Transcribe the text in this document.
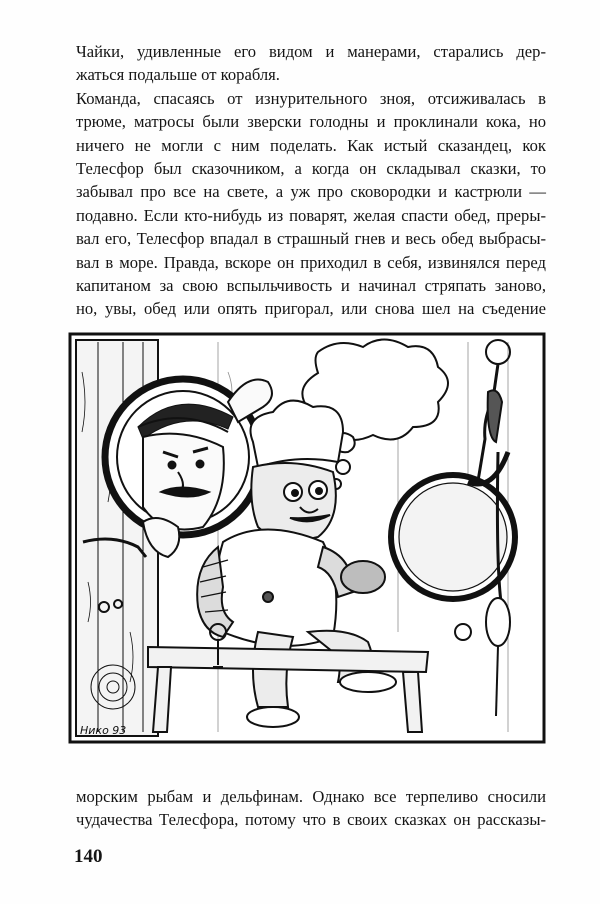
Чайки, удивленные его видом и манерами, старались дер-
жаться подальше от корабля.
Команда, спасаясь от изнурительного зноя, отсиживалась в
трюме, матросы были зверски голодны и проклинали кока, но
ничего не могли с ним поделать. Как истый сказандец, кок
Телесфор был сказочником, а когда он складывал сказки, то
забывал про все на свете, а уж про сковородки и кастрюли —
подавно. Если кто-нибудь из поварят, желая спасти обед, преры-
вал его, Телесфор впадал в страшный гнев и весь обед выбрасы-
вал в море. Правда, вскоре он приходил в себя, извинялся перед
капитаном за свою вспыльчивость и начинал стряпать заново,
но, увы, обед или опять пригорал, или снова шел на съедение
Нико 93
морским рыбам и дельфинам. Однако все терпеливо сносили
чудачества Телесфора, потому что в своих сказках он рассказы-
140
